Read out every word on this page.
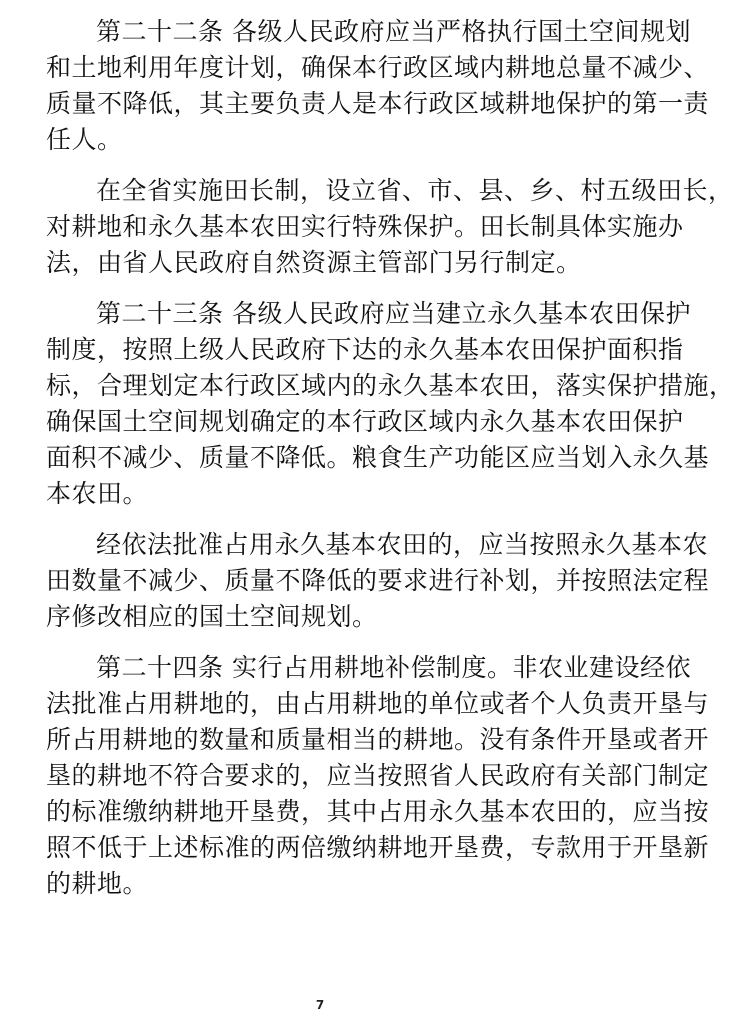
第二十二条 各级人民政府应当严格执行国土空间规划
和土地利用年度计划，确保本行政区域内耕地总量不减少、
质量不降低，其主要负责人是本行政区域耕地保护的第一责
任人。
在全省实施田长制，设立省、市、县、乡、村五级田长，
对耕地和永久基本农田实行特殊保护。田长制具体实施办
法，由省人民政府自然资源主管部门另行制定。
第二十三条 各级人民政府应当建立永久基本农田保护
制度，按照上级人民政府下达的永久基本农田保护面积指
标，合理划定本行政区域内的永久基本农田，落实保护措施，
确保国土空间规划确定的本行政区域内永久基本农田保护
面积不减少、质量不降低。粮食生产功能区应当划入永久基
本农田。
经依法批准占用永久基本农田的，应当按照永久基本农
田数量不减少、质量不降低的要求进行补划，并按照法定程
序修改相应的国土空间规划。
第二十四条 实行占用耕地补偿制度。非农业建设经依
法批准占用耕地的，由占用耕地的单位或者个人负责开垦与
所占用耕地的数量和质量相当的耕地。没有条件开垦或者开
垦的耕地不符合要求的，应当按照省人民政府有关部门制定
的标准缴纳耕地开垦费，其中占用永久基本农田的，应当按
照不低于上述标准的两倍缴纳耕地开垦费，专款用于开垦新
的耕地。
7
